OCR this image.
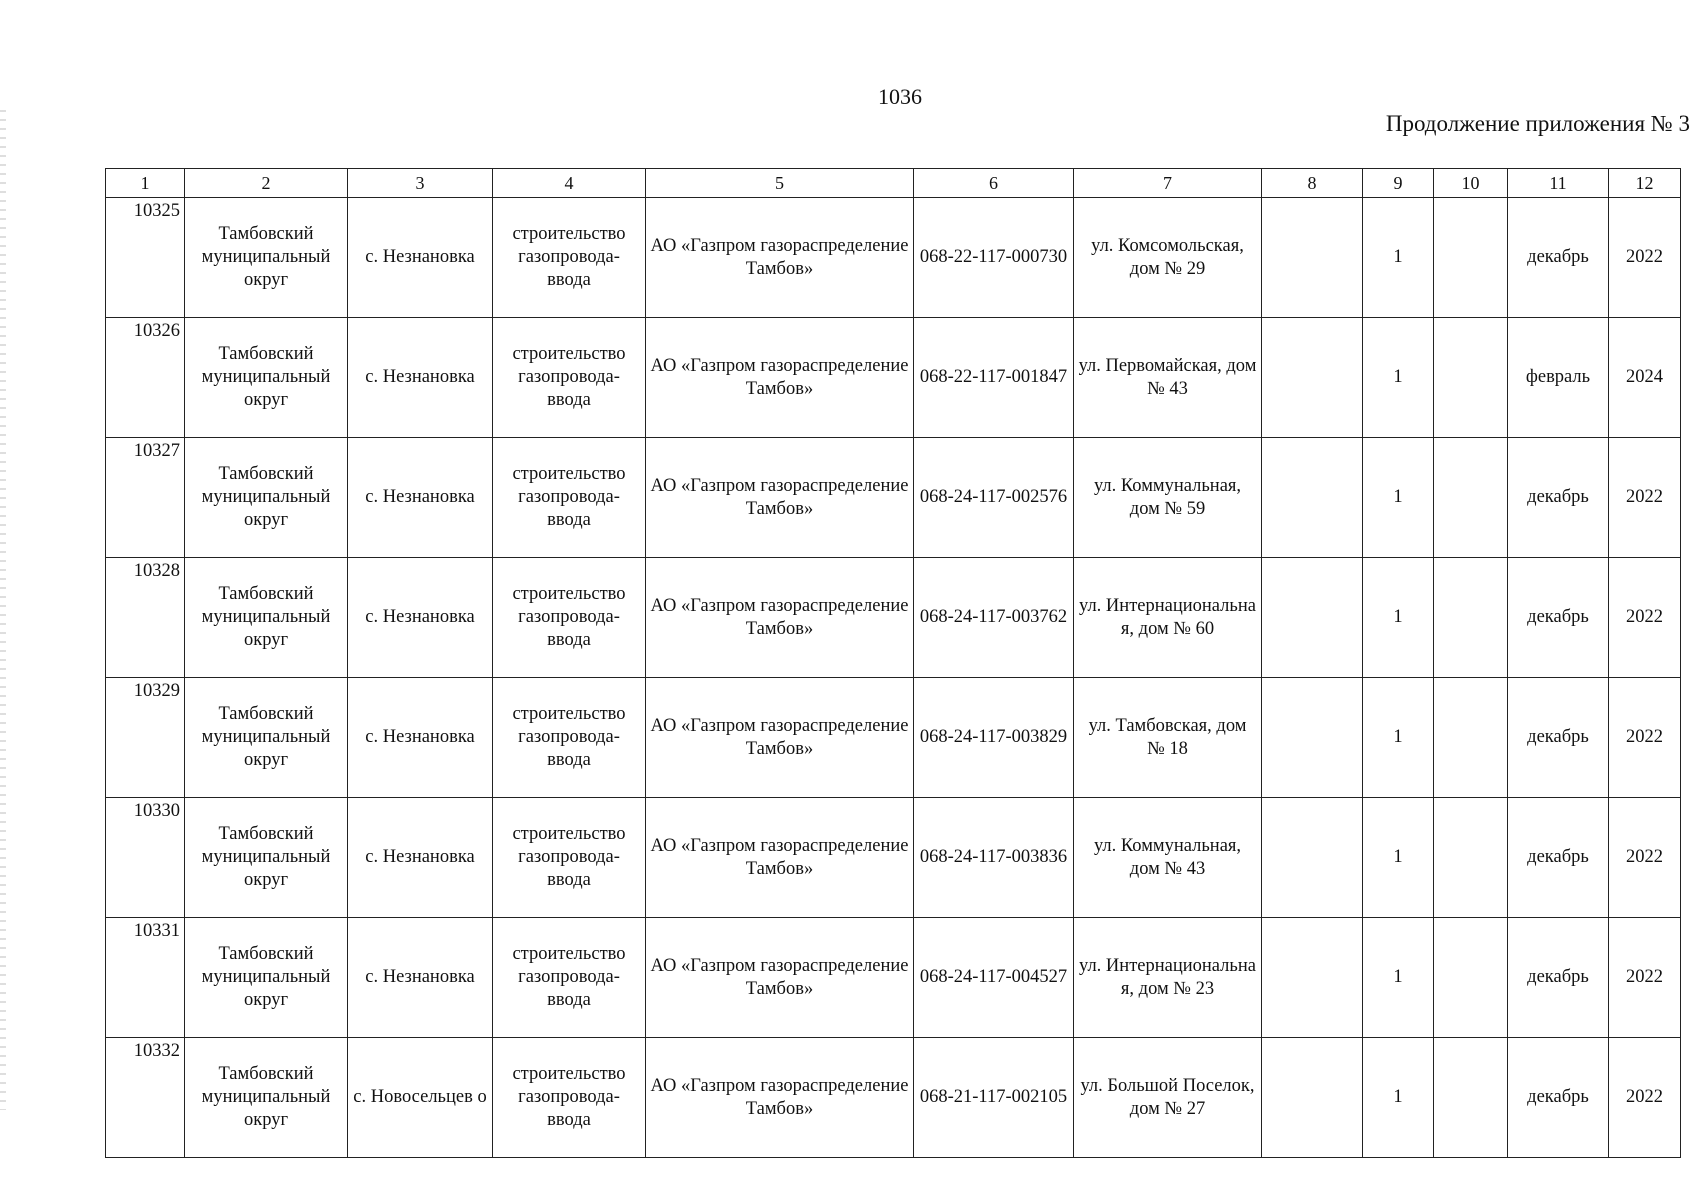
1036
Продолжение приложения № 3
1	2	3	4	5	6	7	8	9	10	11	12
10325	Тамбовский муниципальный округ	с. Незнановка	строительство газопровода-ввода	АО «Газпром газораспределение Тамбов»	068-22-117-000730	ул. Комсомольская, дом № 29		1		декабрь	2022
10326	Тамбовский муниципальный округ	с. Незнановка	строительство газопровода-ввода	АО «Газпром газораспределение Тамбов»	068-22-117-001847	ул. Первомайская, дом № 43		1		февраль	2024
10327	Тамбовский муниципальный округ	с. Незнановка	строительство газопровода-ввода	АО «Газпром газораспределение Тамбов»	068-24-117-002576	ул. Коммунальная, дом № 59		1		декабрь	2022
10328	Тамбовский муниципальный округ	с. Незнановка	строительство газопровода-ввода	АО «Газпром газораспределение Тамбов»	068-24-117-003762	ул. Интернациональна я, дом № 60		1		декабрь	2022
10329	Тамбовский муниципальный округ	с. Незнановка	строительство газопровода-ввода	АО «Газпром газораспределение Тамбов»	068-24-117-003829	ул. Тамбовская, дом № 18		1		декабрь	2022
10330	Тамбовский муниципальный округ	с. Незнановка	строительство газопровода-ввода	АО «Газпром газораспределение Тамбов»	068-24-117-003836	ул. Коммунальная, дом № 43		1		декабрь	2022
10331	Тамбовский муниципальный округ	с. Незнановка	строительство газопровода-ввода	АО «Газпром газораспределение Тамбов»	068-24-117-004527	ул. Интернациональна я, дом № 23		1		декабрь	2022
10332	Тамбовский муниципальный округ	с. Новосельцев о	строительство газопровода-ввода	АО «Газпром газораспределение Тамбов»	068-21-117-002105	ул. Большой Поселок, дом № 27		1		декабрь	2022
